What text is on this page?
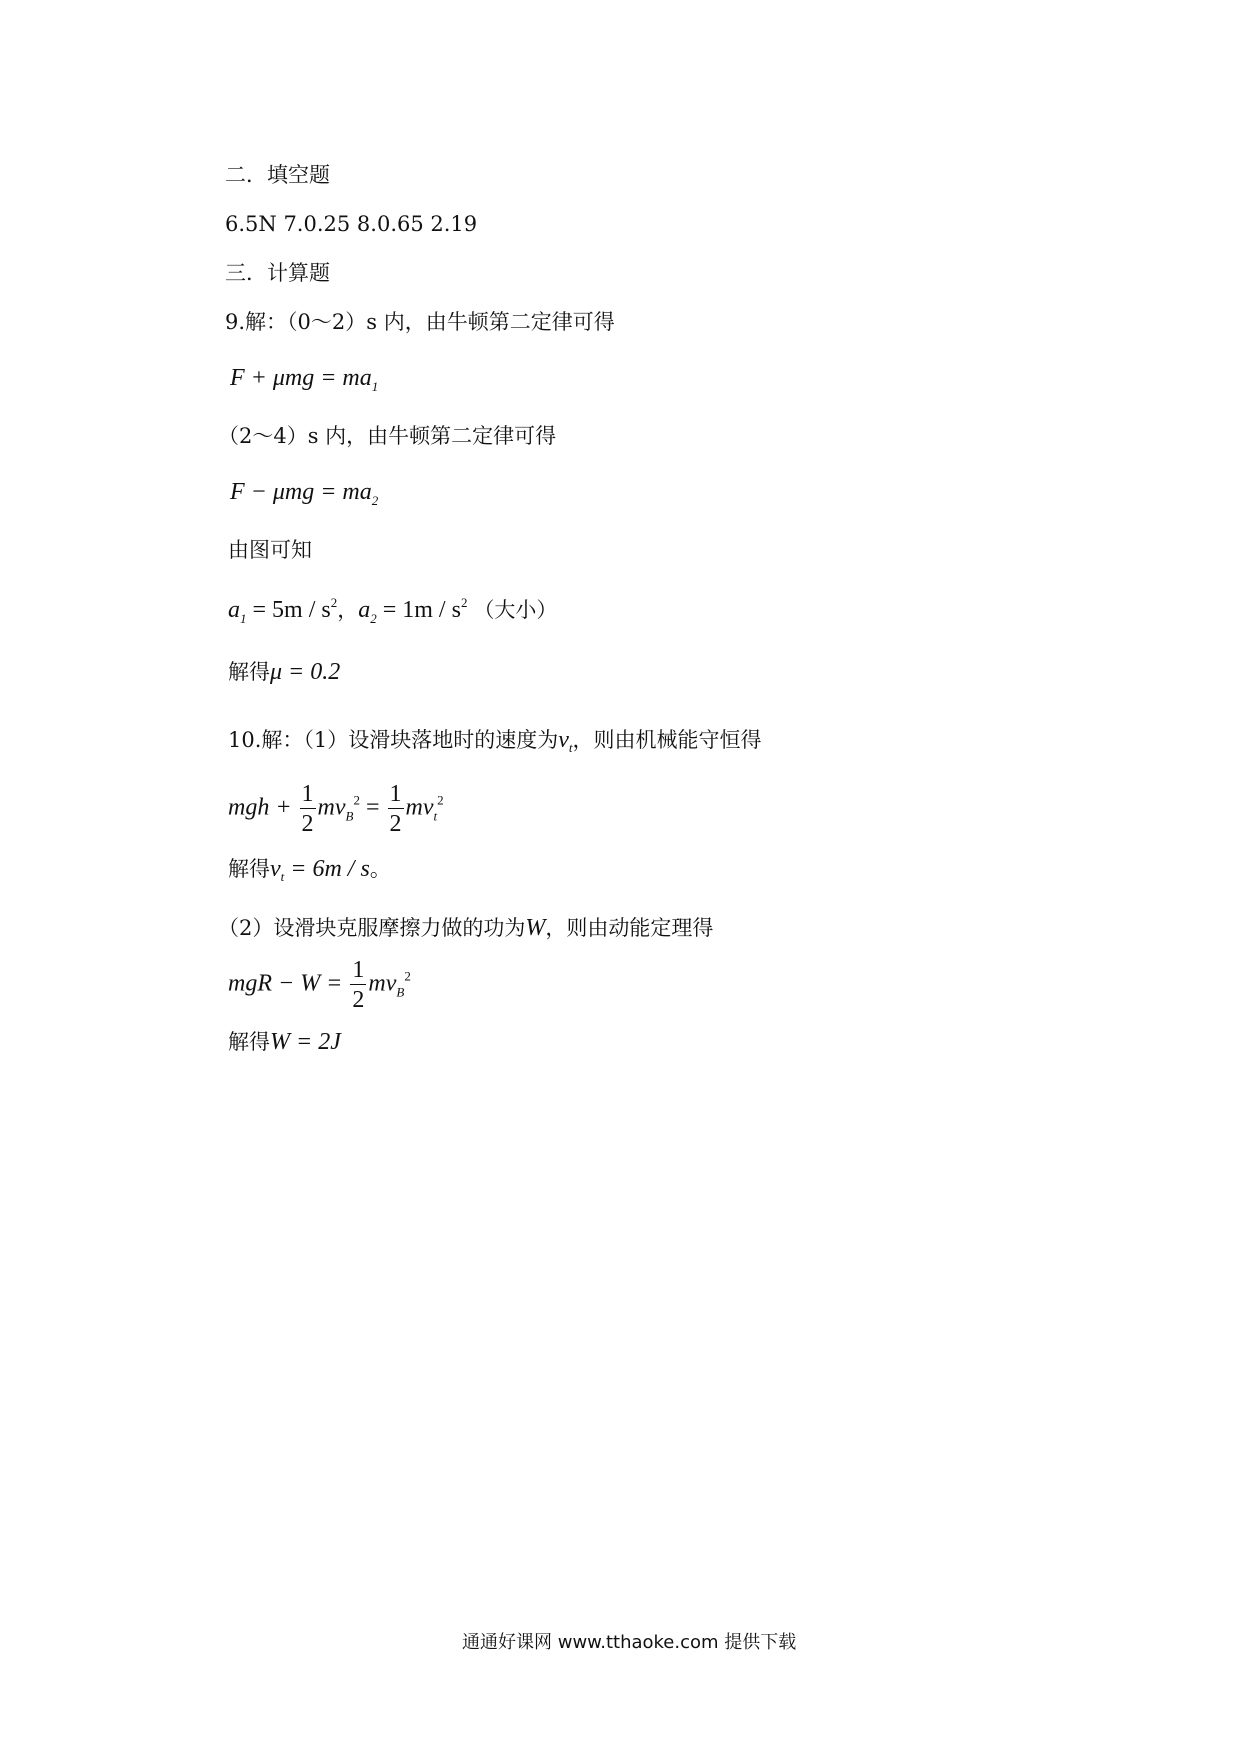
二．填空题
6.5N 7.0.25 8.0.65 2.19
三．计算题
9.解：（0～2）s 内，由牛顿第二定律可得
$F + \mu mg = ma_1$
（2～4）s 内，由牛顿第二定律可得
$F - \mu mg = ma_2$
由图可知
$a_1 = 5m / s^2$，$a_2 = 1m / s^2$ （大小）
解得μ = 0.2
10.解：（1）设滑块落地时的速度为$v_t$，则由机械能守恒得
mgh + $\frac{1}{2} mv_B^2 = \frac{1}{2} mv_t^2$
解得$v_t = 6m / s$。
（2）设滑块克服摩擦力做的功为W，则由动能定理得
mgR − $W = \frac{1}{2} mv_B^2$
解得W = 2J
通通好课网 www.tthaoke.com 提供下载
